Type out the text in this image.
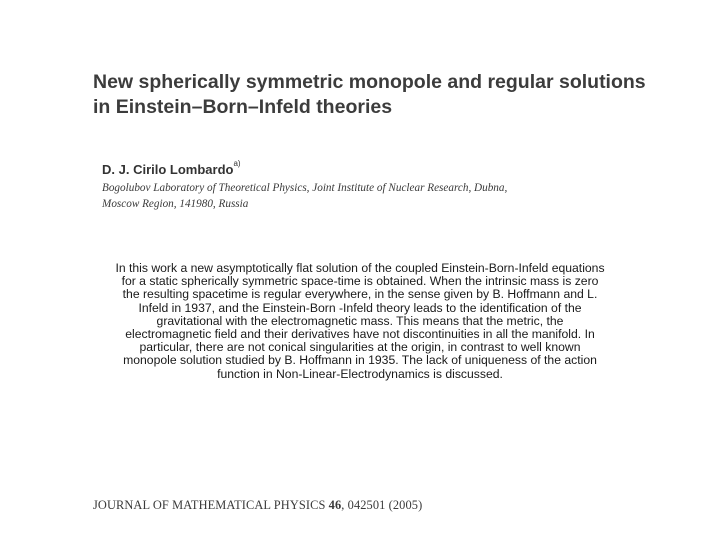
New spherically symmetric monopole and regular solutions in Einstein–Born–Infeld theories
D. J. Cirilo Lombardo$^{a)}$
Bogolubov Laboratory of Theoretical Physics, Joint Institute of Nuclear Research, Dubna,
Moscow Region, 141980, Russia
In this work a new asymptotically flat solution of the coupled Einstein-Born-Infeld equations for a static spherically symmetric space-time is obtained. When the intrinsic mass is zero the resulting spacetime is regular everywhere, in the sense given by B. Hoffmann and L. Infeld in 1937, and the Einstein-Born -Infeld theory leads to the identification of the gravitational with the electromagnetic mass. This means that the metric, the electromagnetic field and their derivatives have not discontinuities in all the manifold. In particular, there are not conical singularities at the origin, in contrast to well known monopole solution studied by B. Hoffmann in 1935. The lack of uniqueness of the action function in Non-Linear-Electrodynamics is discussed.
JOURNAL OF MATHEMATICAL PHYSICS 46, 042501 (2005)
